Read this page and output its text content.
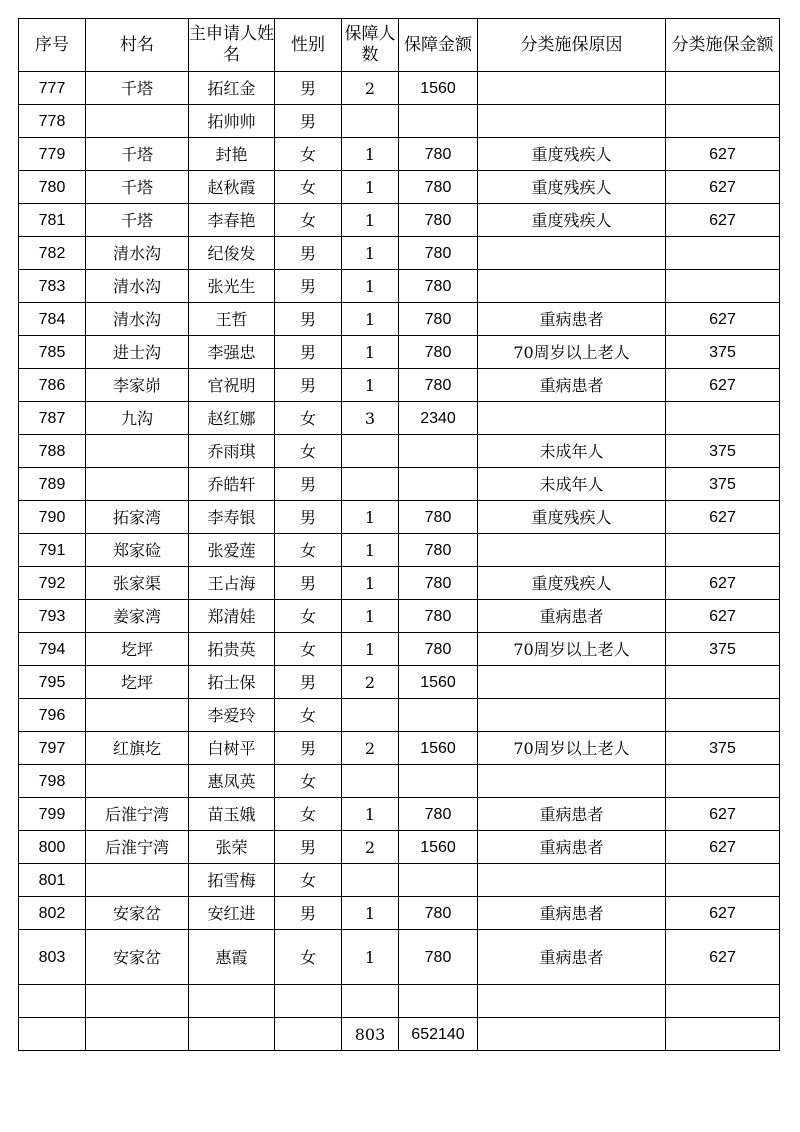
序号	村名	主申请人姓名	性别	保障人数	保障金额	分类施保原因	分类施保金额
777	千塔	拓红金	男	2	1560		
778		拓帅帅	男				
779	千塔	封艳	女	1	780	重度残疾人	627
780	千塔	赵秋霞	女	1	780	重度残疾人	627
781	千塔	李春艳	女	1	780	重度残疾人	627
782	清水沟	纪俊发	男	1	780		
783	清水沟	张光生	男	1	780		
784	清水沟	王哲	男	1	780	重病患者	627
785	进士沟	李强忠	男	1	780	70周岁以上老人	375
786	李家峁	官祝明	男	1	780	重病患者	627
787	九沟	赵红娜	女	3	2340		
788		乔雨琪	女			未成年人	375
789		乔皓轩	男			未成年人	375
790	拓家湾	李寿银	男	1	780	重度残疾人	627
791	郑家硷	张爱莲	女	1	780		
792	张家渠	王占海	男	1	780	重度残疾人	627
793	姜家湾	郑清娃	女	1	780	重病患者	627
794	圪坪	拓贵英	女	1	780	70周岁以上老人	375
795	圪坪	拓士保	男	2	1560		
796		李爱玲	女				
797	红旗圪	白树平	男	2	1560	70周岁以上老人	375
798		惠凤英	女				
799	后淮宁湾	苗玉娥	女	1	780	重病患者	627
800	后淮宁湾	张荣	男	2	1560	重病患者	627
801		拓雪梅	女				
802	安家岔	安红进	男	1	780	重病患者	627
803	安家岔	惠霞	女	1	780	重病患者	627

				803	652140		
